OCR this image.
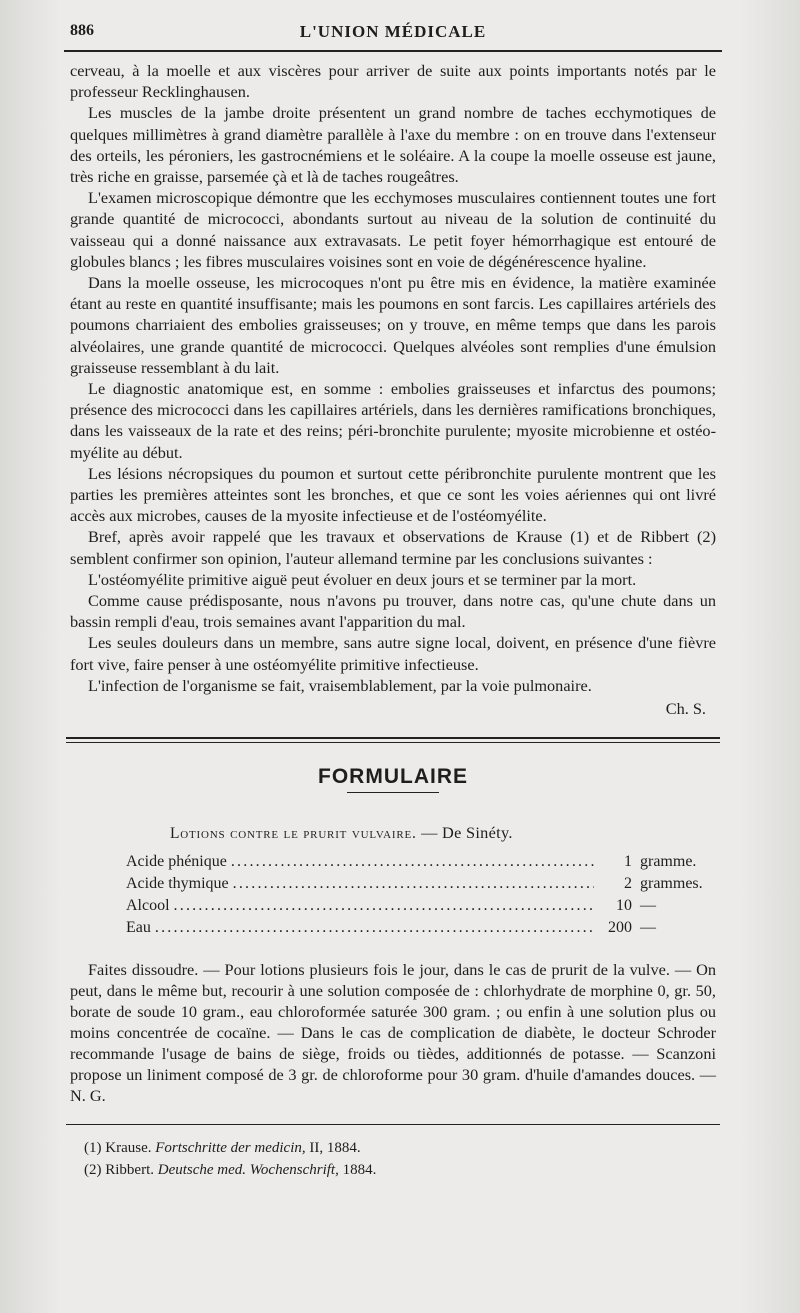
886	L'UNION MÉDICALE

cerveau, à la moelle et aux viscères pour arriver de suite aux points importants notés par le professeur Recklinghausen.

Les muscles de la jambe droite présentent un grand nombre de taches ecchymotiques de quelques millimètres à grand diamètre parallèle à l'axe du membre : on en trouve dans l'extenseur des orteils, les péroniers, les gastrocnémiens et le soléaire. A la coupe la moelle osseuse est jaune, très riche en graisse, parsemée çà et là de taches rougeâtres.

L'examen microscopique démontre que les ecchymoses musculaires contiennent toutes une fort grande quantité de micrococci, abondants surtout au niveau de la solution de continuité du vaisseau qui a donné naissance aux extravasats. Le petit foyer hémorrhagique est entouré de globules blancs ; les fibres musculaires voisines sont en voie de dégénérescence hyaline.

Dans la moelle osseuse, les microcoques n'ont pu être mis en évidence, la matière examinée étant au reste en quantité insuffisante; mais les poumons en sont farcis. Les capillaires artériels des poumons charriaient des embolies graisseuses; on y trouve, en même temps que dans les parois alvéolaires, une grande quantité de micrococci. Quelques alvéoles sont remplies d'une émulsion graisseuse ressemblant à du lait.

Le diagnostic anatomique est, en somme : embolies graisseuses et infarctus des poumons; présence des micrococci dans les capillaires artériels, dans les dernières ramifications bronchiques, dans les vaisseaux de la rate et des reins; péri-bronchite purulente; myosite microbienne et ostéo-myélite au début.

Les lésions nécropsiques du poumon et surtout cette péribronchite purulente montrent que les parties les premières atteintes sont les bronches, et que ce sont les voies aériennes qui ont livré accès aux microbes, causes de la myosite infectieuse et de l'ostéomyélite.

Bref, après avoir rappelé que les travaux et observations de Krause (1) et de Ribbert (2) semblent confirmer son opinion, l'auteur allemand termine par les conclusions suivantes :

L'ostéomyélite primitive aiguë peut évoluer en deux jours et se terminer par la mort.

Comme cause prédisposante, nous n'avons pu trouver, dans notre cas, qu'une chute dans un bassin rempli d'eau, trois semaines avant l'apparition du mal.

Les seules douleurs dans un membre, sans autre signe local, doivent, en présence d'une fièvre fort vive, faire penser à une ostéomyélite primitive infectieuse.

L'infection de l'organisme se fait, vraisemblablement, par la voie pulmonaire.

Ch. S.
FORMULAIRE
Lotions contre le prurit vulvaire. — De Sinéty.
Acide phénique .....	1 gramme.
Acide thymique .....	2 grammes.
Alcool .....	10 —
Eau .....	200 —

Faites dissoudre. — Pour lotions plusieurs fois le jour, dans le cas de prurit de la vulve. — On peut, dans le même but, recourir à une solution composée de : chlorhydrate de morphine 0, gr. 50, borate de soude 10 gram., eau chloroformée saturée 300 gram. ; ou enfin à une solution plus ou moins concentrée de cocaïne. — Dans le cas de complication de diabète, le docteur Schroder recommande l'usage de bains de siège, froids ou tièdes, additionnés de potasse. — Scanzoni propose un liniment composé de 3 gr. de chloroforme pour 30 gram. d'huile d'amandes douces. — N. G.

(1) Krause. Fortschritte der medicin, II, 1884.
(2) Ribbert. Deutsche med. Wochenschrift, 1884.
